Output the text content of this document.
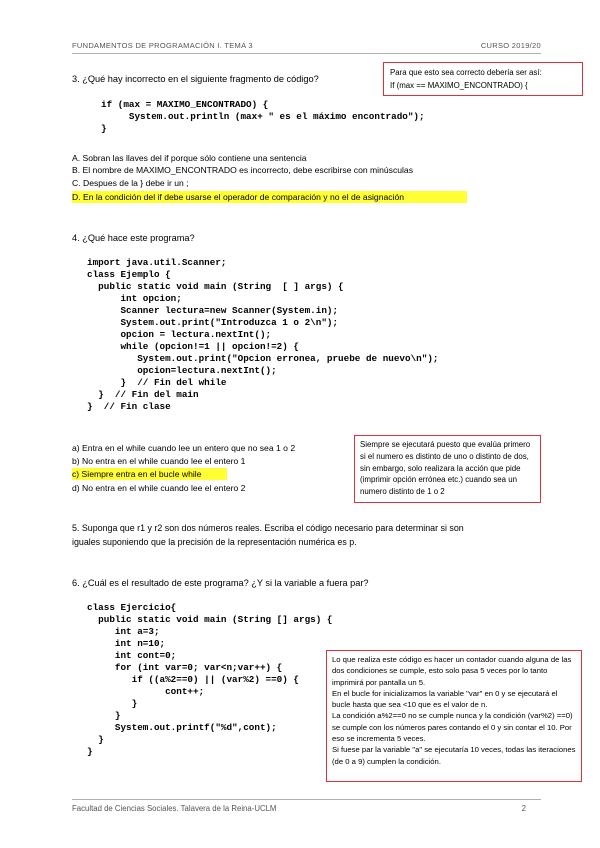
FUNDAMENTOS DE PROGRAMACIÓN I. TEMA 3	CURSO 2019/20
3. ¿Qué hay incorrecto en el siguiente fragmento de código?
Para que esto sea correcto debería ser así:
If (max == MAXIMO_ENCONTRADO) {
if (max = MAXIMO_ENCONTRADO) {
System.out.println (max+ " es el máximo encontrado");
}
A. Sobran las llaves del if porque sólo contiene una sentencia
B. El nombre de MAXIMO_ENCONTRADO es incorrecto, debe escribirse con minúsculas
C. Despues de la } debe ir un ;
D. En la condición del if debe usarse el operador de comparación y no el de asignación
4. ¿Qué hace este programa?
import java.util.Scanner;
class Ejemplo {
public static void main (String  [ ] args) {
int opcion;
Scanner lectura=new Scanner(System.in);
System.out.print("Introduzca 1 o 2\n");
opcion = lectura.nextInt();
while (opcion!=1 || opcion!=2) {
System.out.print("Opcion erronea, pruebe de nuevo\n");
opcion=lectura.nextInt();
}  // Fin del while
}  // Fin del main
}  // Fin clase
a) Entra en el while cuando lee un entero que no sea 1 o 2
b) No entra en el while cuando lee el entero 1
c) Siempre entra en el bucle while
d) No entra en el while cuando lee el entero 2
Siempre se ejecutará puesto que evalúa primero si el numero es distinto de uno o distinto de dos, sin embargo, solo realizara la acción que pide (imprimir opción errónea etc.) cuando sea un numero distinto de 1 o 2
5. Suponga que r1 y r2 son dos números reales. Escriba el código necesario para determinar si son
iguales suponiendo que la precisión de la representación numérica es p.
6. ¿Cuál es el resultado de este programa? ¿Y si la variable a fuera par?
class Ejercicio{
public static void main (String [] args) {
int a=3;
int n=10;
int cont=0;
for (int var=0; var<n;var++) {
if ((a%2==0) || (var%2) ==0) {
cont++;
}
}
System.out.printf("%d",cont);
}
}
Lo que realiza este código es hacer un contador cuando alguna de las dos condiciones se cumple, esto solo pasa 5 veces por lo tanto imprimirá por pantalla un 5.
En el bucle for inicializamos la variable "var" en 0 y se ejecutará el bucle hasta que sea <10 que es el valor de n.
La condición a%2==0 no se cumple nunca y la condición (var%2) ==0) se cumple con los números pares contando el 0 y sin contar el 10. Por eso se incrementa 5 veces.
Si fuese par la variable "a" se ejecutaría 10 veces, todas las iteraciones (de 0 a 9) cumplen la condición.
Facultad de Ciencias Sociales. Talavera de la Reina-UCLM	2
